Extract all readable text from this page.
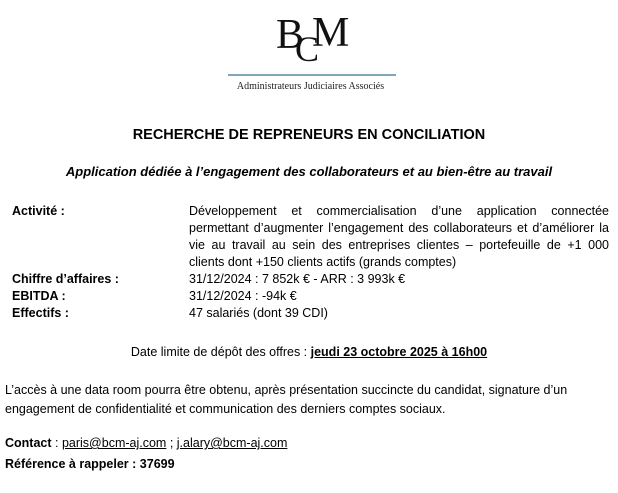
B
C
M
Administrateurs Judiciaires Associés
RECHERCHE DE REPRENEURS EN CONCILIATION
Application dédiée à l’engagement des collaborateurs et au bien-être au travail
Activité :	Développement et commercialisation d’une application connectée permettant d’augmenter l’engagement des collaborateurs et d’améliorer la vie au travail au sein des entreprises clientes – portefeuille de +1 000 clients dont +150 clients actifs (grands comptes)
Chiffre d’affaires :	31/12/2024 : 7 852k € - ARR : 3 993k €
EBITDA :	31/12/2024 : -94k €
Effectifs :	47 salariés (dont 39 CDI)
Date limite de dépôt des offres : jeudi 23 octobre 2025 à 16h00
L’accès à une data room pourra être obtenu, après présentation succincte du candidat, signature d’un engagement de confidentialité et communication des derniers comptes sociaux.
Contact : paris@bcm-aj.com ; j.alary@bcm-aj.com
Référence à rappeler : 37699
